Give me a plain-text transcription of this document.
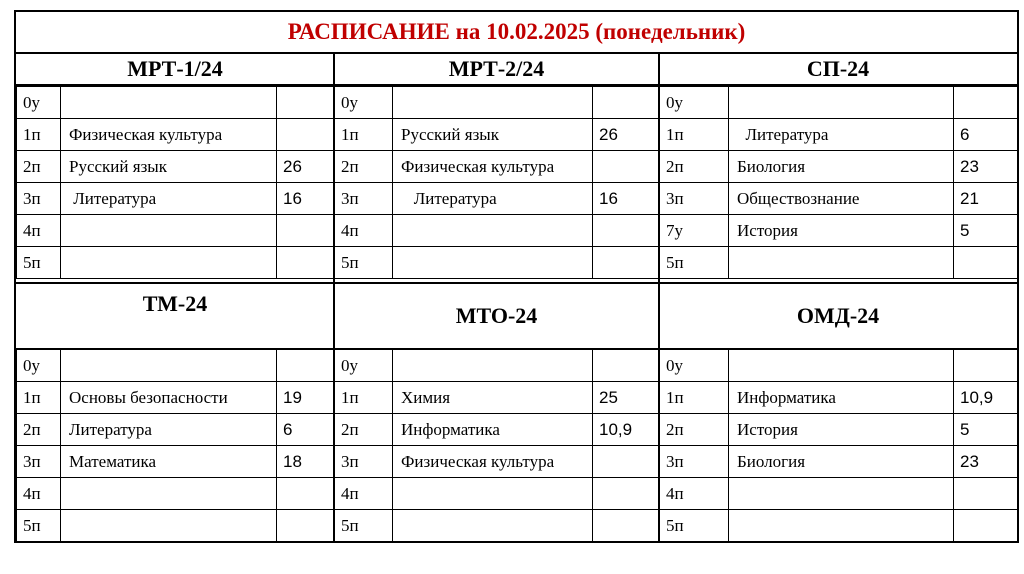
РАСПИСАНИЕ на 10.02.2025 (понедельник)
МРТ-1/24
0у		
1п	Физическая культура	
2п	Русский язык	26
3п	Литература	16
4п		
5п		
МРТ-2/24
0у		
1п	Русский язык	26
2п	Физическая культура	
3п	Литература	16
4п		
5п		
СП-24
0у		
1п	Литература	6
2п	Биология	23
3п	Обществознание	21
7у	История	5
5п		
ТМ-24
0у		
1п	Основы безопасности	19
2п	Литература	6
3п	Математика	18
4п		
5п		
МТО-24
0у		
1п	Химия	25
2п	Информатика	10,9
3п	Физическая культура	
4п		
5п		
ОМД-24
0у		
1п	Информатика	10,9
2п	История	5
3п	Биология	23
4п		
5п		
